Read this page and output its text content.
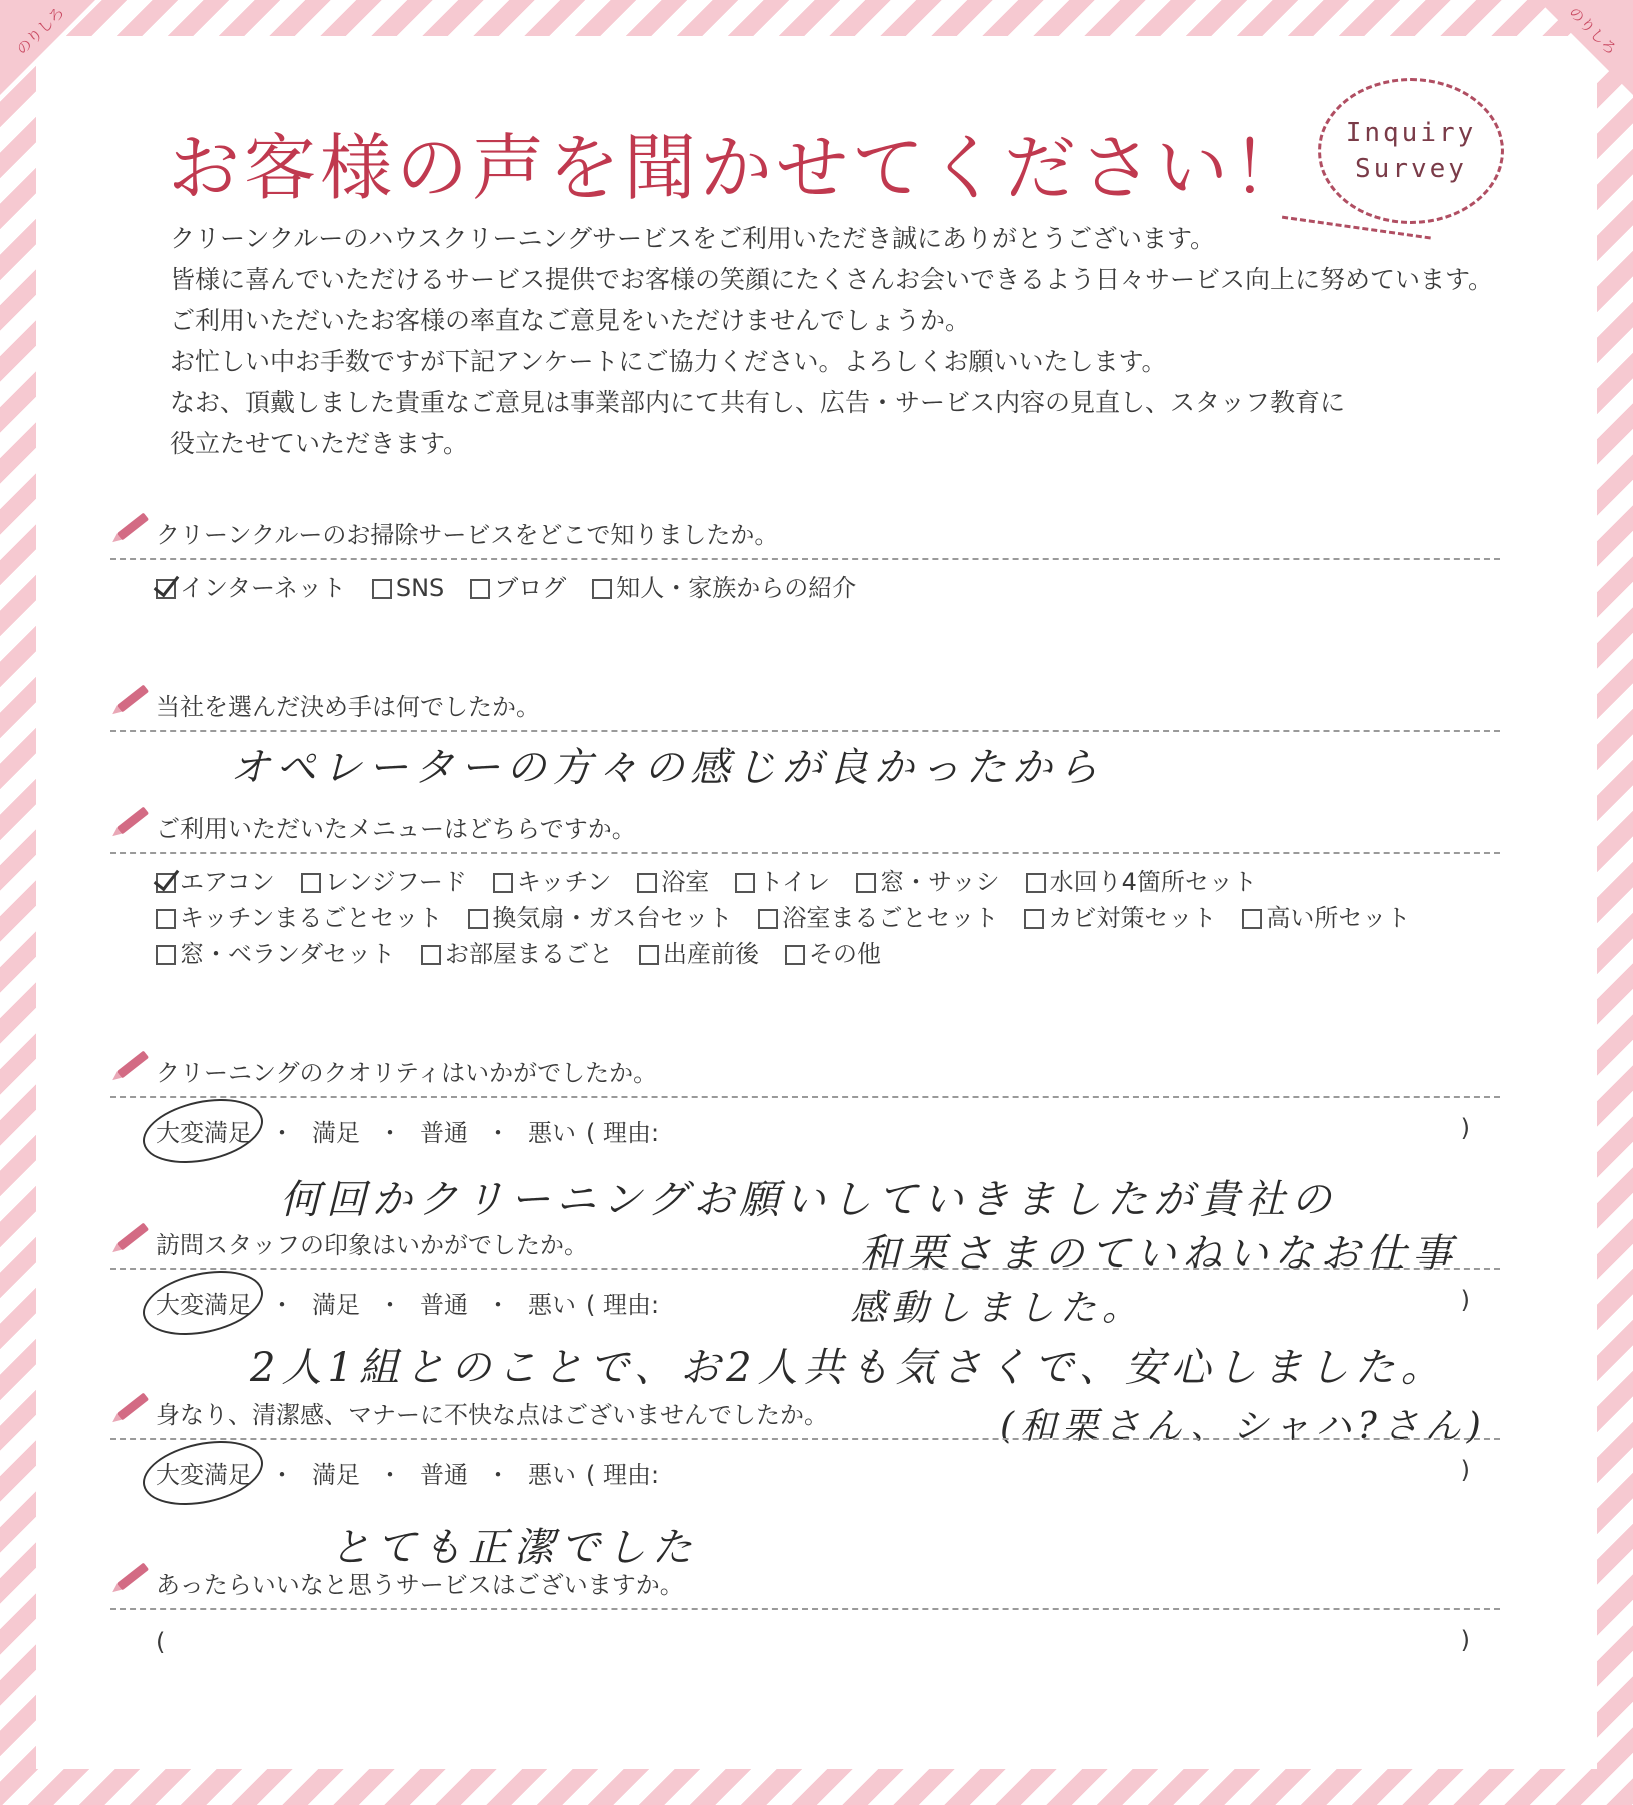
のりしろ	のりしろ
お客様の声を聞かせてください！ Inquiry
Survey
クリーンクルーのハウスクリーニングサービスをご利用いただき誠にありがとうございます。
皆様に喜んでいただけるサービス提供でお客様の笑顔にたくさんお会いできるよう日々サービス向上に努めています。
ご利用いただいたお客様の率直なご意見をいただけませんでしょうか。
お忙しい中お手数ですが下記アンケートにご協力ください。よろしくお願いいたします。
なお、頂戴しました貴重なご意見は事業部内にて共有し、広告・サービス内容の見直し、スタッフ教育に
役立たせていただきます。
クリーンクルーのお掃除サービスをどこで知りましたか。
インターネット SNS ブログ 知人・家族からの紹介
当社を選んだ決め手は何でしたか。
オペレーターの方々の感じが良かったから
ご利用いただいたメニューはどちらですか。
エアコン レンジフード キッチン 浴室 トイレ 窓・サッシ 水回り4箇所セット
キッチンまるごとセット 換気扇・ガス台セット 浴室まるごとセット カビ対策セット 高い所セット
窓・ベランダセット お部屋まるごと 出産前後 その他
クリーニングのクオリティはいかがでしたか。
大変満足 ・ 満足 ・ 普通 ・ 悪い ( 理由:	)
何回かクリーニングお願いしていきましたが貴社の
和栗さまのていねいなお仕事
感動しました。
訪問スタッフの印象はいかがでしたか。
大変満足 ・ 満足 ・ 普通 ・ 悪い ( 理由:	)
2人1組とのことで、お2人共も気さくで、安心しました。
(和栗さん、シャハ?さん)
身なり、清潔感、マナーに不快な点はございませんでしたか。
大変満足 ・ 満足 ・ 普通 ・ 悪い ( 理由:	)
とても正潔でした
あったらいいなと思うサービスはございますか。
(	)
